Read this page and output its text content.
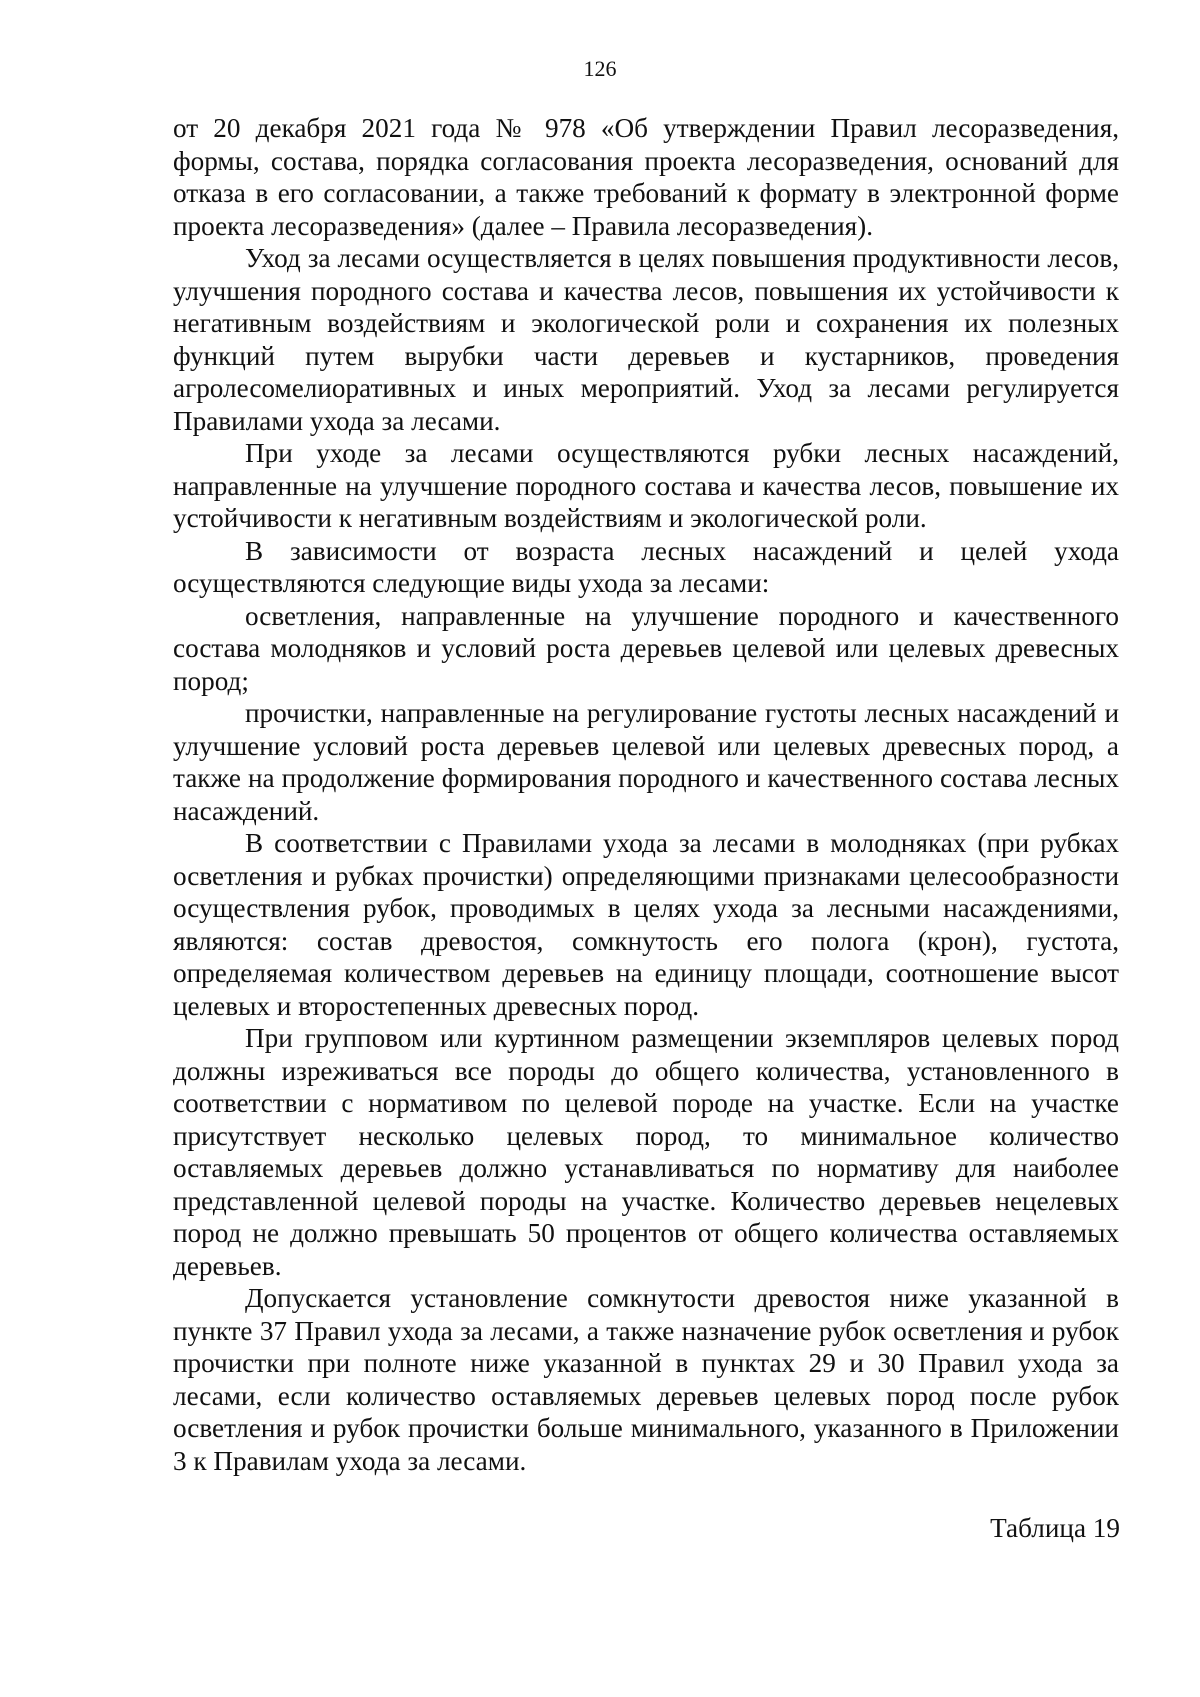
126

от 20 декабря 2021 года № 978 «Об утверждении Правил лесоразведения, формы, состава, порядка согласования проекта лесоразведения, оснований для отказа в его согласовании, а также требований к формату в электронной форме проекта лесоразведения» (далее – Правила лесоразведения).

Уход за лесами осуществляется в целях повышения продуктивности лесов, улучшения породного состава и качества лесов, повышения их устойчивости к негативным воздействиям и экологической роли и сохранения их полезных функций путем вырубки части деревьев и кустарников, проведения агролесомелиоративных и иных мероприятий. Уход за лесами регулируется Правилами ухода за лесами.

При уходе за лесами осуществляются рубки лесных насаждений, направленные на улучшение породного состава и качества лесов, повышение их устойчивости к негативным воздействиям и экологической роли.

В зависимости от возраста лесных насаждений и целей ухода осуществляются следующие виды ухода за лесами:

осветления, направленные на улучшение породного и качественного состава молодняков и условий роста деревьев целевой или целевых древесных пород;

прочистки, направленные на регулирование густоты лесных насаждений и улучшение условий роста деревьев целевой или целевых древесных пород, а также на продолжение формирования породного и качественного состава лесных насаждений.

В соответствии с Правилами ухода за лесами в молодняках (при рубках осветления и рубках прочистки) определяющими признаками целесообразности осуществления рубок, проводимых в целях ухода за лесными насаждениями, являются: состав древостоя, сомкнутость его полога (крон), густота, определяемая количеством деревьев на единицу площади, соотношение высот целевых и второстепенных древесных пород.

При групповом или куртинном размещении экземпляров целевых пород должны изреживаться все породы до общего количества, установленного в соответствии с нормативом по целевой породе на участке. Если на участке присутствует несколько целевых пород, то минимальное количество оставляемых деревьев должно устанавливаться по нормативу для наиболее представленной целевой породы на участке. Количество деревьев нецелевых пород не должно превышать 50 процентов от общего количества оставляемых деревьев.

Допускается установление сомкнутости древостоя ниже указанной в пункте 37 Правил ухода за лесами, а также назначение рубок осветления и рубок прочистки при полноте ниже указанной в пунктах 29 и 30 Правил ухода за лесами, если количество оставляемых деревьев целевых пород после рубок осветления и рубок прочистки больше минимального, указанного в Приложении 3 к Правилам ухода за лесами.

Таблица 19
